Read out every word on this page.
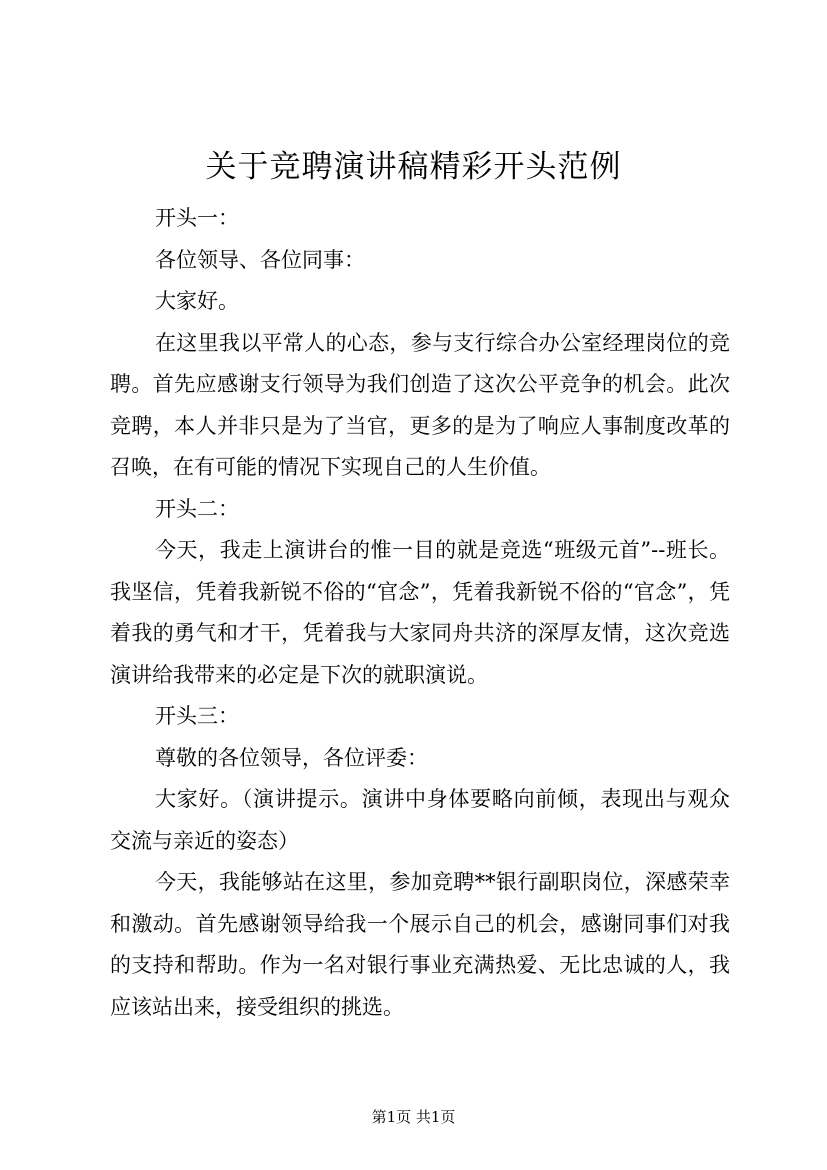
关于竞聘演讲稿精彩开头范例

开头一：

各位领导、各位同事：

大家好。

在这里我以平常人的心态，参与支行综合办公室经理岗位的竞聘。首先应感谢支行领导为我们创造了这次公平竞争的机会。此次竞聘，本人并非只是为了当官，更多的是为了响应人事制度改革的召唤，在有可能的情况下实现自己的人生价值。

开头二：

今天，我走上演讲台的惟一目的就是竞选“班级元首”--班长。我坚信，凭着我新锐不俗的“官念”，凭着我新锐不俗的“官念”，凭着我的勇气和才干，凭着我与大家同舟共济的深厚友情，这次竞选演讲给我带来的必定是下次的就职演说。

开头三：

尊敬的各位领导，各位评委：

大家好。（演讲提示。演讲中身体要略向前倾，表现出与观众交流与亲近的姿态）

今天，我能够站在这里，参加竞聘**银行副职岗位，深感荣幸和激动。首先感谢领导给我一个展示自己的机会，感谢同事们对我的支持和帮助。作为一名对银行事业充满热爱、无比忠诚的人，我应该站出来，接受组织的挑选。

第1页 共1页
